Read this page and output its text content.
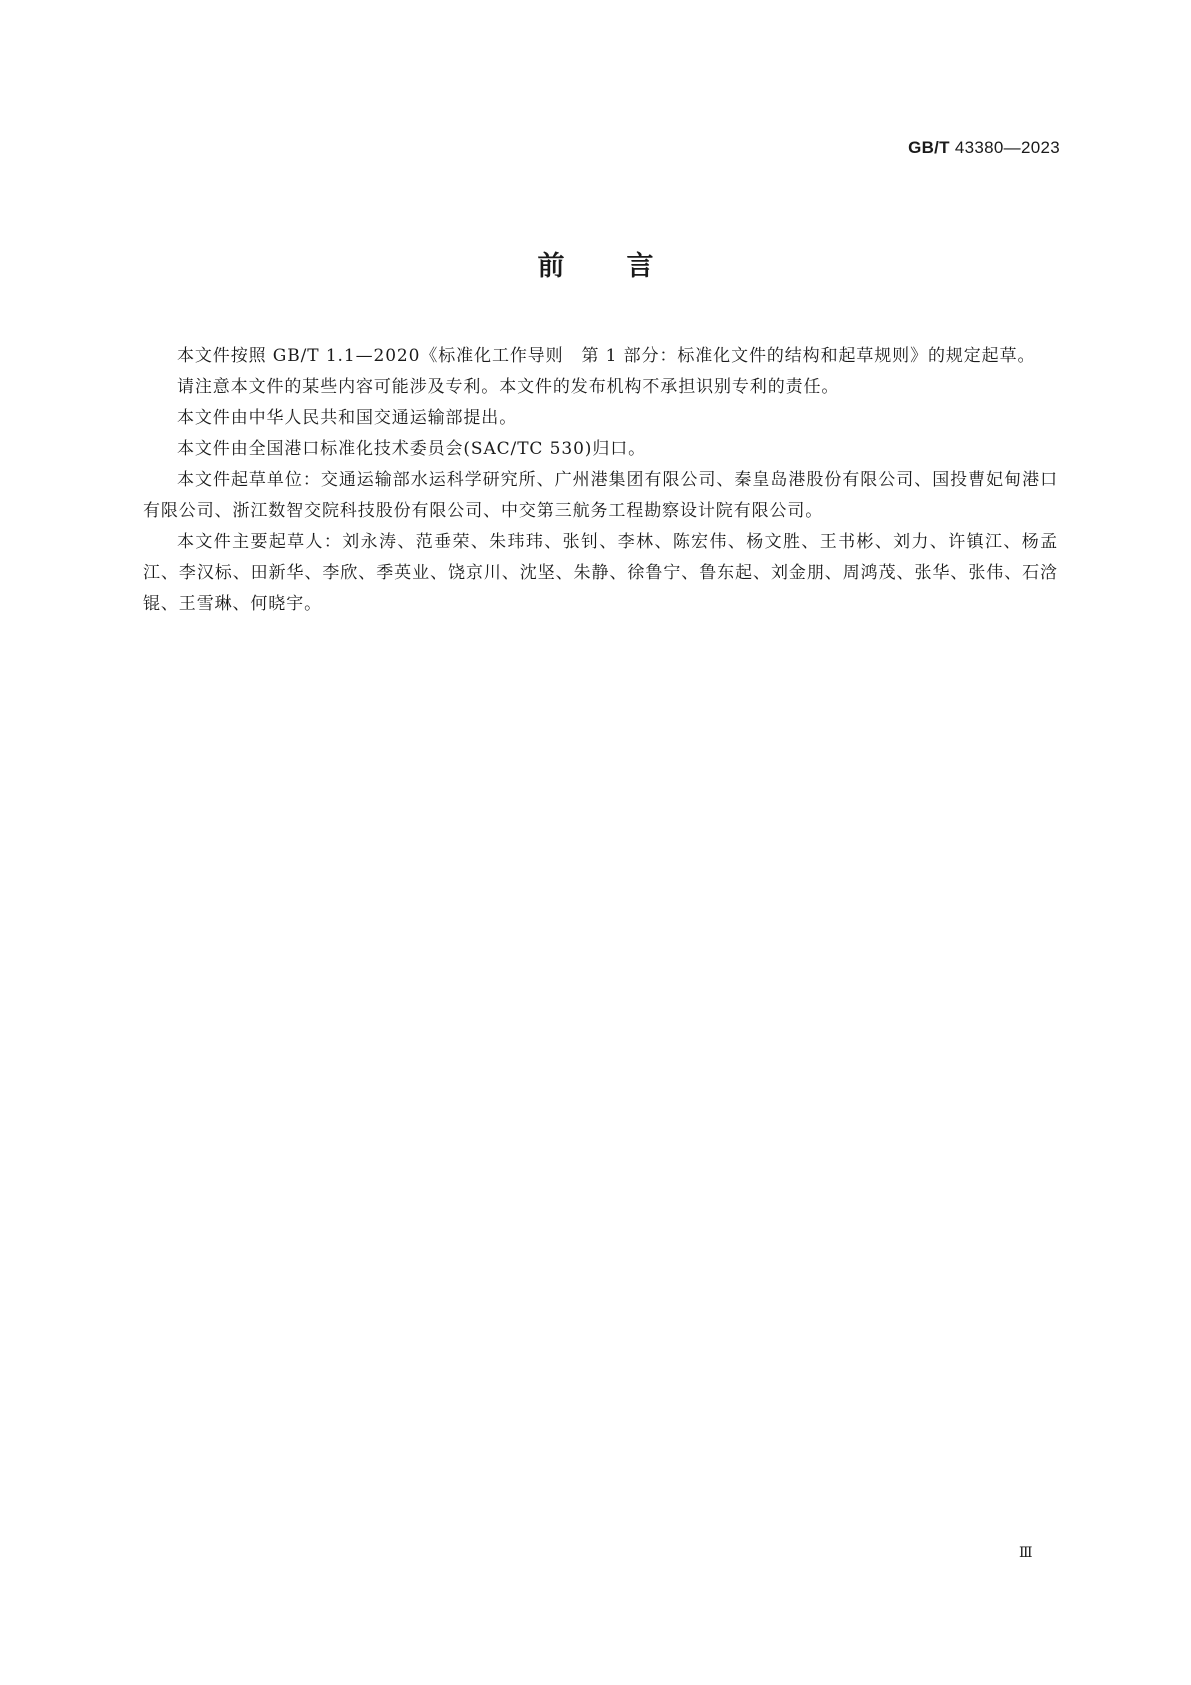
GB/T 43380—2023
前 言

本文件按照 GB/T 1.1—2020《标准化工作导则　第 1 部分：标准化文件的结构和起草规则》的规定起草。

请注意本文件的某些内容可能涉及专利。本文件的发布机构不承担识别专利的责任。

本文件由中华人民共和国交通运输部提出。

本文件由全国港口标准化技术委员会(SAC/TC 530)归口。

本文件起草单位：交通运输部水运科学研究所、广州港集团有限公司、秦皇岛港股份有限公司、国投曹妃甸港口有限公司、浙江数智交院科技股份有限公司、中交第三航务工程勘察设计院有限公司。

本文件主要起草人：刘永涛、范垂荣、朱玮玮、张钊、李林、陈宏伟、杨文胜、王书彬、刘力、许镇江、杨孟江、李汉标、田新华、李欣、季英业、饶京川、沈坚、朱静、徐鲁宁、鲁东起、刘金朋、周鸿茂、张华、张伟、石浛锟、王雪琳、何晓宇。

Ⅲ
